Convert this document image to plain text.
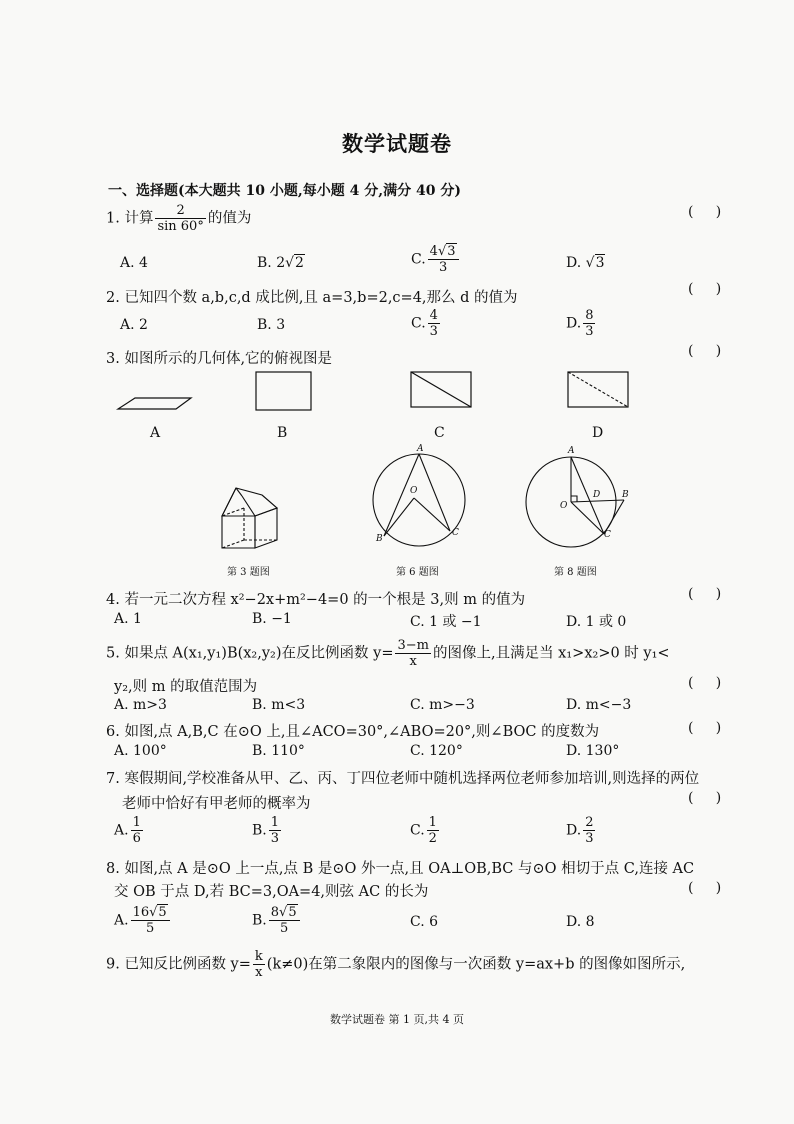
数学试题卷
一、选择题(本大题共 10 小题,每小题 4 分,满分 40 分)
1. 计算 $\frac{2}{\sin 60^\circ}$ 的值为	(     )
A. 4	B. 2√2	C. $\frac{4√3}{3}$	D. √3
2. 已知四个数 a,b,c,d 成比例,且 a=3,b=2,c=4,那么 d 的值为
(     )
A. 2	B. 3	C. $\frac{4}{3}$	D. $\frac{8}{3}$
3. 如图所示的几何体,它的俯视图是	(     )
A	B	C	D
第 3 题图	第 6 题图	第 8 题图
A
O
B
C
A
O
D B
C
4. 若一元二次方程 x²−2x+m²−4=0 的一个根是 3,则 m 的值为	(     )
A. 1	B. −1	C. 1 或 −1	D. 1 或 0
5. 如果点 A(x₁,y₁)B(x₂,y₂)在反比例函数 $y= \frac{3-m}{x}$ 的图像上,且满足当 x₁>x₂>0 时 y₁<
y₂,则 m 的取值范围为	(     )
A. m>3	B. m<3	C. m>−3	D. m<−3
6. 如图,点 A,B,C 在⊙O 上,且∠ACO=30°,∠ABO=20°,则∠BOC 的度数为	(     )
A. 100°	B. 110°	C. 120°	D. 130°
7. 寒假期间,学校准备从甲、乙、丙、丁四位老师中随机选择两位老师参加培训,则选择的两位
老师中恰好有甲老师的概率为	(     )
A. $\frac{1}{6}$	B. $\frac{1}{3}$	C. $\frac{1}{2}$	D. $\frac{2}{3}$
8. 如图,点 A 是⊙O 上一点,点 B 是⊙O 外一点,且 OA⊥OB,BC 与⊙O 相切于点 C,连接 AC
交 OB 于点 D,若 BC=3,OA=4,则弦 AC 的长为	(     )
A. $\frac{16√5}{5}$	B. $\frac{8√5}{5}$	C. 6	D. 8
9. 已知反比例函数 $y= \frac{k}{x} (k\ne 0)$在第二象限内的图像与一次函数 y=ax+b 的图像如图所示,
数学试题卷 第 1 页,共 4 页
